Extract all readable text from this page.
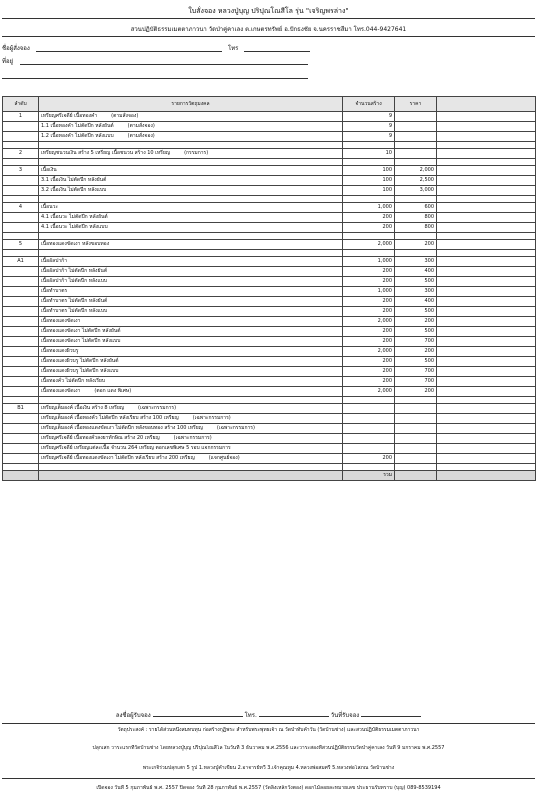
ใบสั่งจอง หลวงปู่บุญ ปริปุณโณสีโล รุ่น "เจริญพรล่าง"
สวนปฏิบัติธรรมเมตตาภาวนา วัดป่าคู่คาเลง ต.เกษตรทรัพย์ อ.ปักธงชัย จ.นครราชสีมา โทร.044-9427641
ชื่อผู้สั่งจอง	โทร
ที่อยู่
ลำดับ	รายการวัตถุมงคล	จำนวนสร้าง	ราคา	
1	เหรียญศรีเจดีย์ เนื้อทองคำ (ตามสั่งจอง)	9		
	1.1 เนื้อทองคำ ไม่ตัดปีก หลังยันต์ (ตามสั่งจอง)	9		
	1.2 เนื้อทองคำ ไม่ตัดปีก หลังแบบ (ตามสั่งจอง)	9		

2	เหรียญชนวนเงิน สร้าง 5 เหรียญ เนื้อชนวน สร้าง 10 เหรียญ (กรรมการ)	10		

3	เนื้อเงิน	100	2,000	
	3.1 เนื้อเงิน ไม่ตัดปีก หลังยันต์	100	2,500	
	3.2 เนื้อเงิน ไม่ตัดปีก หลังแบบ	100	3,000	

4	เนื้อนวะ	1,000	600	
	4.1 เนื้อนวะ ไม่ตัดปีก หลังยันต์	200	800	
	4.1 เนื้อนวะ ไม่ตัดปีก หลังแบบ	200	800	

5	เนื้อทองแดงขัดเงา หลังขอบทอง	2,000	200	

A1	เนื้ออัลปาก้า	1,000	300	
	เนื้ออัลปาก้า ไม่ตัดปีก หลังยันต์	200	400	
	เนื้ออัลปาก้า ไม่ตัดปีก หลังแบบ	200	500	
	เนื้อทำบาตร	1,000	300	
	เนื้อทำบาตร ไม่ตัดปีก หลังยันต์	200	400	
	เนื้อทำบาตร ไม่ตัดปีก หลังแบบ	200	500	
	เนื้อทองแดงขัดเงา	2,000	200	
	เนื้อทองแดงขัดเงา ไม่ตัดปีก หลังยันต์	200	500	
	เนื้อทองแดงขัดเงา ไม่ตัดปีก หลังแบบ	200	700	
	เนื้อทองแดงผิวบรู	2,000	200	
	เนื้อทองแดงผิวบรู ไม่ตัดปีก หลังยันต์	200	500	
	เนื้อทองแดงผิวบรู ไม่ตัดปีก หลังแบบ	200	700	
	เนื้อทองคั่ว ไม่ตัดปีก หลังเรียบ	200	700	
	เนื้อทองแดงขัดเงา (ตอก แดง พิเศษ)	2,000	200	

B1	เหรียญเต็มองค์ เนื้อเงิน สร้าง 8 เหรียญ (เฉพาะกรรมการ)			
	เหรียญเต็มองค์ เนื้อทองคั่ว ไม่ตัดปีก หลังเรียบ สร้าง 100 เหรียญ (เฉพาะกรรมการ)			
	เหรียญเต็มองค์ เนื้อทองแดงขัดเงา ไม่ตัดปีก หลังขอบทอง สร้าง 100 เหรียญ (เฉพาะกรรมการ)			
	เหรียญศรีเจดีย์ เนื้อทองคั่วลงยาทักษิณ สร้าง 20 เหรียญ (เฉพาะกรรมการ)			
	เหรียญศรีเจดีย์ เหรียญแต่ละเนื้อ จำนวน 264 เหรียญ ตอกเลขพิเศษ 5 รอบ แจกกรรมการ			
	เหรียญศรีเจดีย์ เนื้อทองแดงขัดเงา ไม่ตัดปีก หลังเรียบ สร้าง 200 เหรียญ (แจกศูนย์จอง)	200		

		รวม		
ลงชื่อผู้รับจอง	โทร.	วันที่รับจอง
วัตถุประสงค์ : รายได้ส่วนหนึ่งสมทบทุน ก่อสร้างกุฏิพระ สำหรับพระพุทธเจ้า ณ วัดป่าทับคำวัน (วัดบ้านช่าง) และสวนปฏิบัติธรรมเมตตาภาวนา
ปลุกเสก วาระแรกที่วัดบ้านช่าง โดยหลวงปู่บุญ ปริปุณโณสีโล ในวันที่ 3 ธันวาคม พ.ศ.2556 และวาระสองที่สวนปฏิบัติธรรมวัดป่าคู่คาเลง วันที่ 9 มกราคม พ.ศ.2557
พระเกจิร่วมปลุกเสก 5 รูป 1.หลวงปู่คำเขียน 2.อาจารย์ทวี 3.เจ้าคุณทูม 4.หลวงพ่อสมศรี 5.หลวงพ่อโสภณ วัดบ้านช่าง
เปิดจอง วันที่ 5 กุมภาพันธ์ พ.ศ. 2557 ปิดจอง วันที่ 28 กุมภาพันธ์ พ.ศ.2557 (วัดลิงเหล็กวังตอง) ดอกไม้ลอยละหมายเลข ประธานรับทราบ (บุญ) 089-8539194
